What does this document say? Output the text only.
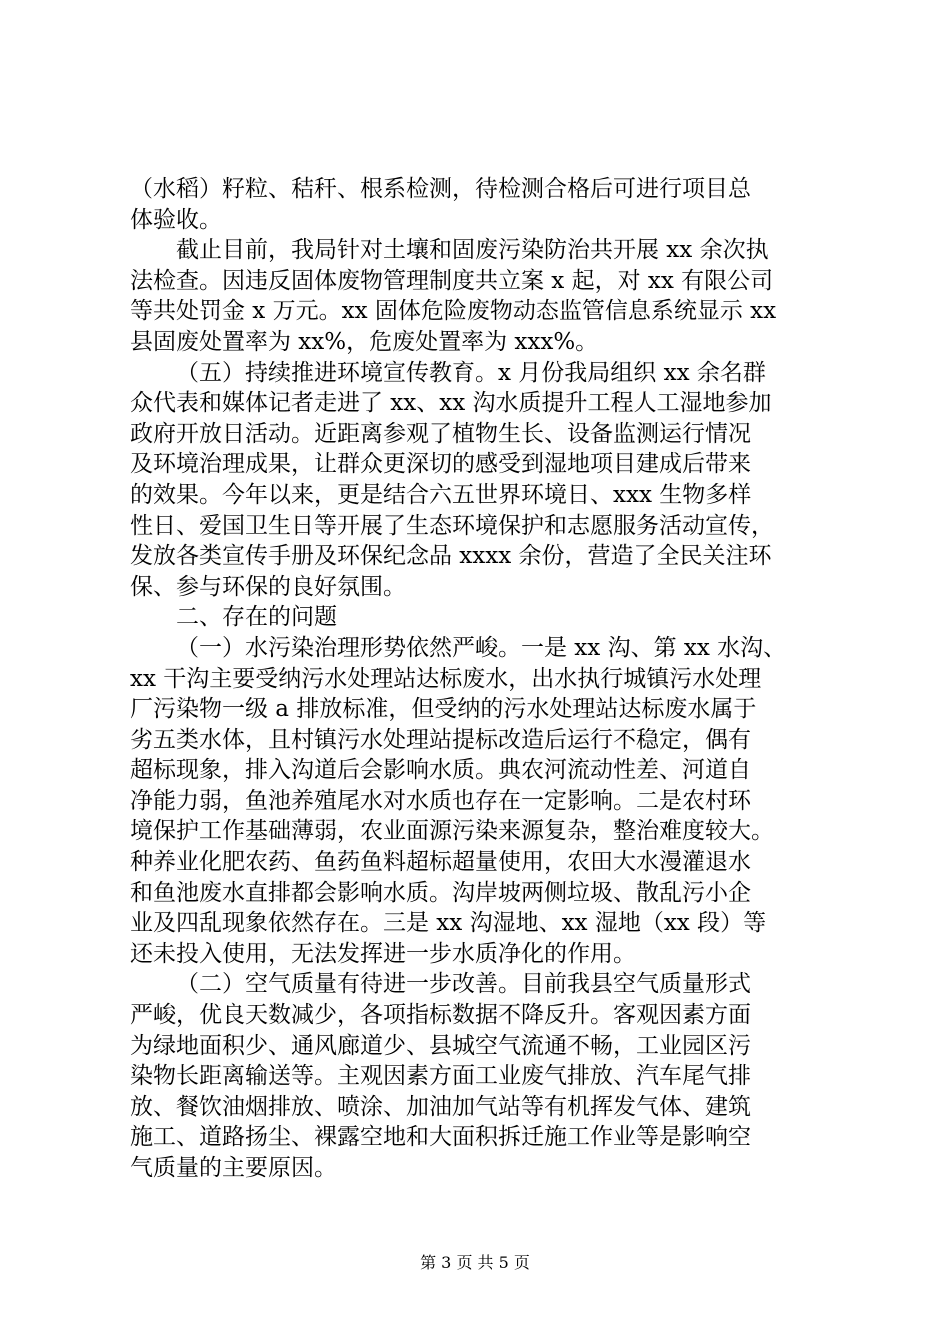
（水稻）籽粒、秸秆、根系检测，待检测合格后可进行项目总
体验收。
截止目前，我局针对土壤和固废污染防治共开展 xx 余次执
法检查。因违反固体废物管理制度共立案 x 起，对 xx 有限公司
等共处罚金 x 万元。xx 固体危险废物动态监管信息系统显示 xx
县固废处置率为 xx%，危废处置率为 xxx%。
（五）持续推进环境宣传教育。x 月份我局组织 xx 余名群
众代表和媒体记者走进了 xx、xx 沟水质提升工程人工湿地参加
政府开放日活动。近距离参观了植物生长、设备监测运行情况
及环境治理成果，让群众更深切的感受到湿地项目建成后带来
的效果。今年以来，更是结合六五世界环境日、xxx 生物多样
性日、爱国卫生日等开展了生态环境保护和志愿服务活动宣传，
发放各类宣传手册及环保纪念品 xxxx 余份，营造了全民关注环
保、参与环保的良好氛围。
二、存在的问题
（一）水污染治理形势依然严峻。一是 xx 沟、第 xx 水沟、
xx 干沟主要受纳污水处理站达标废水，出水执行城镇污水处理
厂污染物一级 a 排放标准，但受纳的污水处理站达标废水属于
劣五类水体，且村镇污水处理站提标改造后运行不稳定，偶有
超标现象，排入沟道后会影响水质。典农河流动性差、河道自
净能力弱，鱼池养殖尾水对水质也存在一定影响。二是农村环
境保护工作基础薄弱，农业面源污染来源复杂，整治难度较大。
种养业化肥农药、鱼药鱼料超标超量使用，农田大水漫灌退水
和鱼池废水直排都会影响水质。沟岸坡两侧垃圾、散乱污小企
业及四乱现象依然存在。三是 xx 沟湿地、xx 湿地（xx 段）等
还未投入使用，无法发挥进一步水质净化的作用。
（二）空气质量有待进一步改善。目前我县空气质量形式
严峻，优良天数减少，各项指标数据不降反升。客观因素方面
为绿地面积少、通风廊道少、县城空气流通不畅，工业园区污
染物长距离输送等。主观因素方面工业废气排放、汽车尾气排
放、餐饮油烟排放、喷涂、加油加气站等有机挥发气体、建筑
施工、道路扬尘、裸露空地和大面积拆迁施工作业等是影响空
气质量的主要原因。
第 3 页 共 5 页
